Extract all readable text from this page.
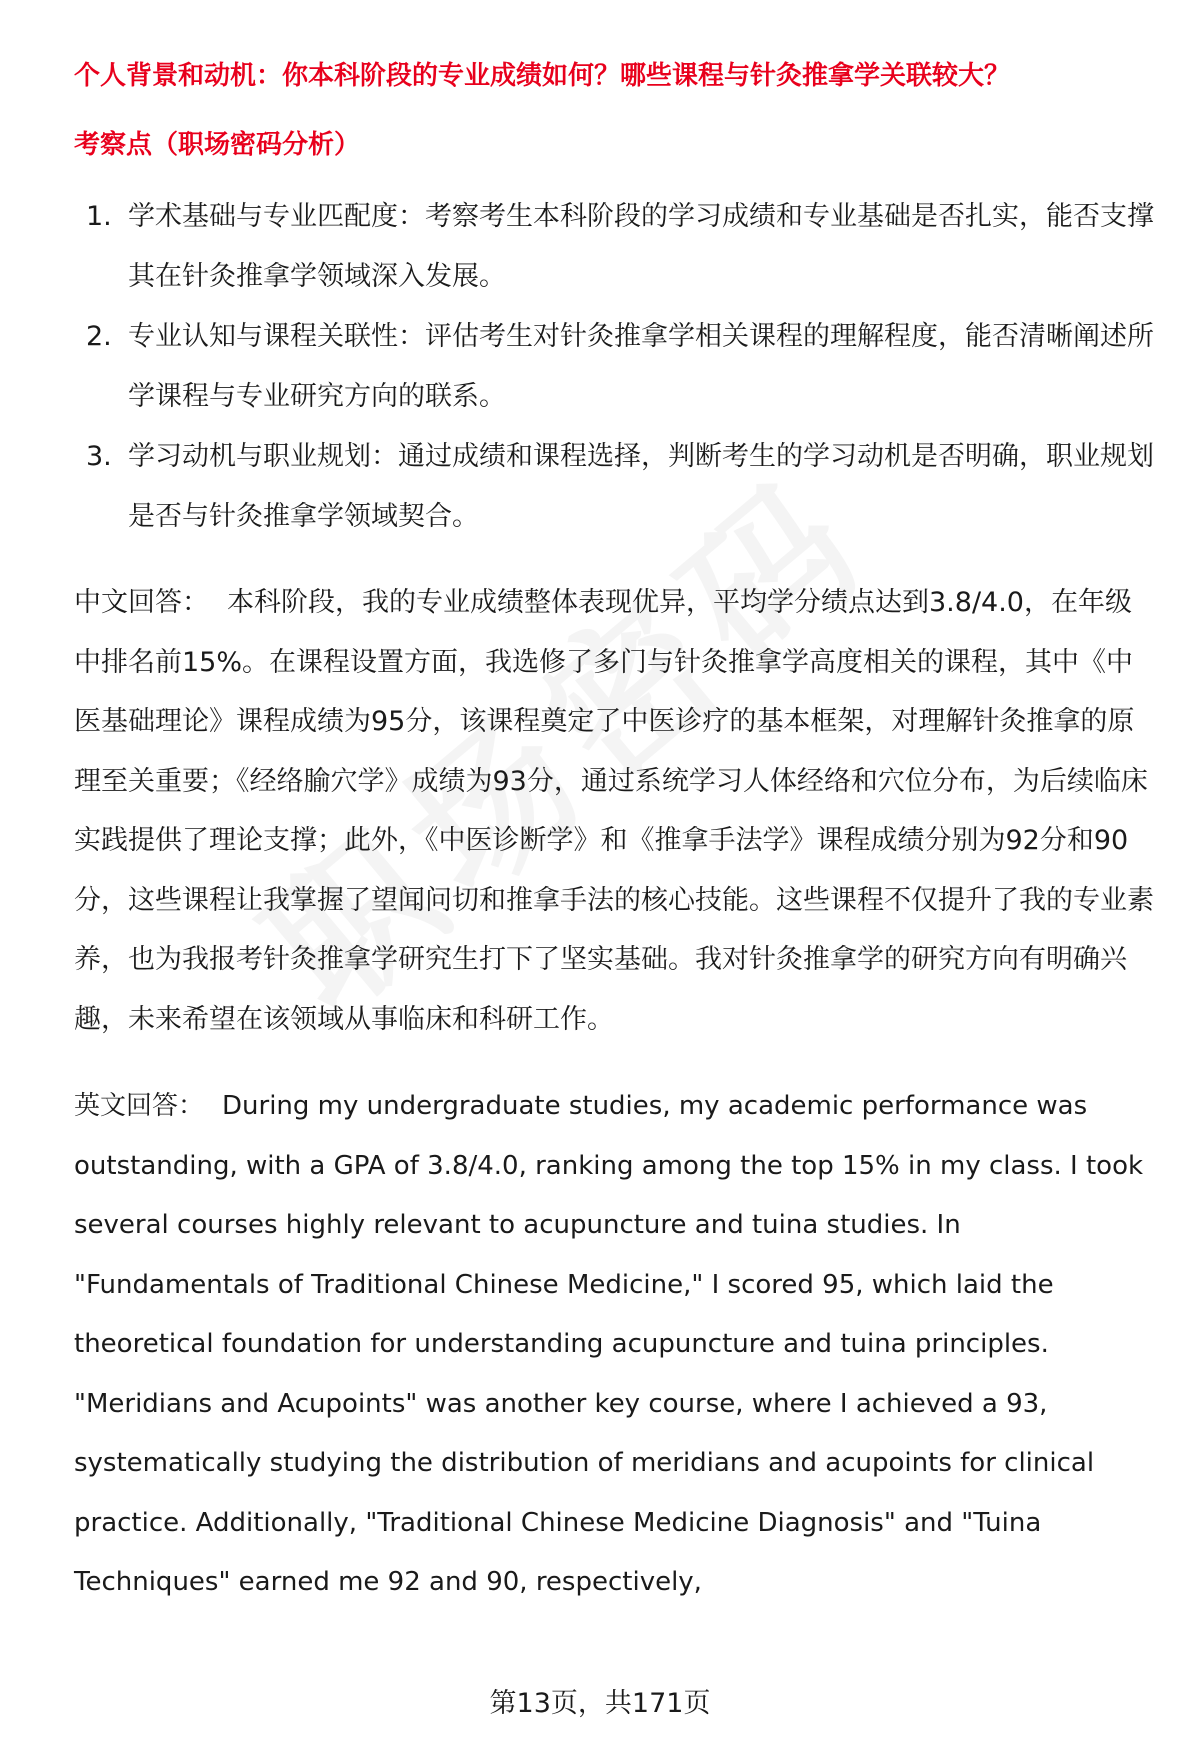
个人背景和动机：你本科阶段的专业成绩如何？哪些课程与针灸推拿学关联较大？

考察点（职场密码分析）

1. 学术基础与专业匹配度：考察考生本科阶段的学习成绩和专业基础是否扎实，能否支撑其在针灸推拿学领域深入发展。
2. 专业认知与课程关联性：评估考生对针灸推拿学相关课程的理解程度，能否清晰阐述所学课程与专业研究方向的联系。
3. 学习动机与职业规划：通过成绩和课程选择，判断考生的学习动机是否明确，职业规划是否与针灸推拿学领域契合。

中文回答： 本科阶段，我的专业成绩整体表现优异，平均学分绩点达到3.8/4.0，在年级中排名前15%。在课程设置方面，我选修了多门与针灸推拿学高度相关的课程，其中《中医基础理论》课程成绩为95分，该课程奠定了中医诊疗的基本框架，对理解针灸推拿的原理至关重要；《经络腧穴学》成绩为93分，通过系统学习人体经络和穴位分布，为后续临床实践提供了理论支撑；此外，《中医诊断学》和《推拿手法学》课程成绩分别为92分和90分，这些课程让我掌握了望闻问切和推拿手法的核心技能。这些课程不仅提升了我的专业素养，也为我报考针灸推拿学研究生打下了坚实基础。我对针灸推拿学的研究方向有明确兴趣，未来希望在该领域从事临床和科研工作。

英文回答： During my undergraduate studies, my academic performance was outstanding, with a GPA of 3.8/4.0, ranking among the top 15% in my class. I took several courses highly relevant to acupuncture and tuina studies. In "Fundamentals of Traditional Chinese Medicine," I scored 95, which laid the theoretical foundation for understanding acupuncture and tuina principles. "Meridians and Acupoints" was another key course, where I achieved a 93, systematically studying the distribution of meridians and acupoints for clinical practice. Additionally, "Traditional Chinese Medicine Diagnosis" and "Tuina Techniques" earned me 92 and 90, respectively,

第13页，共171页
